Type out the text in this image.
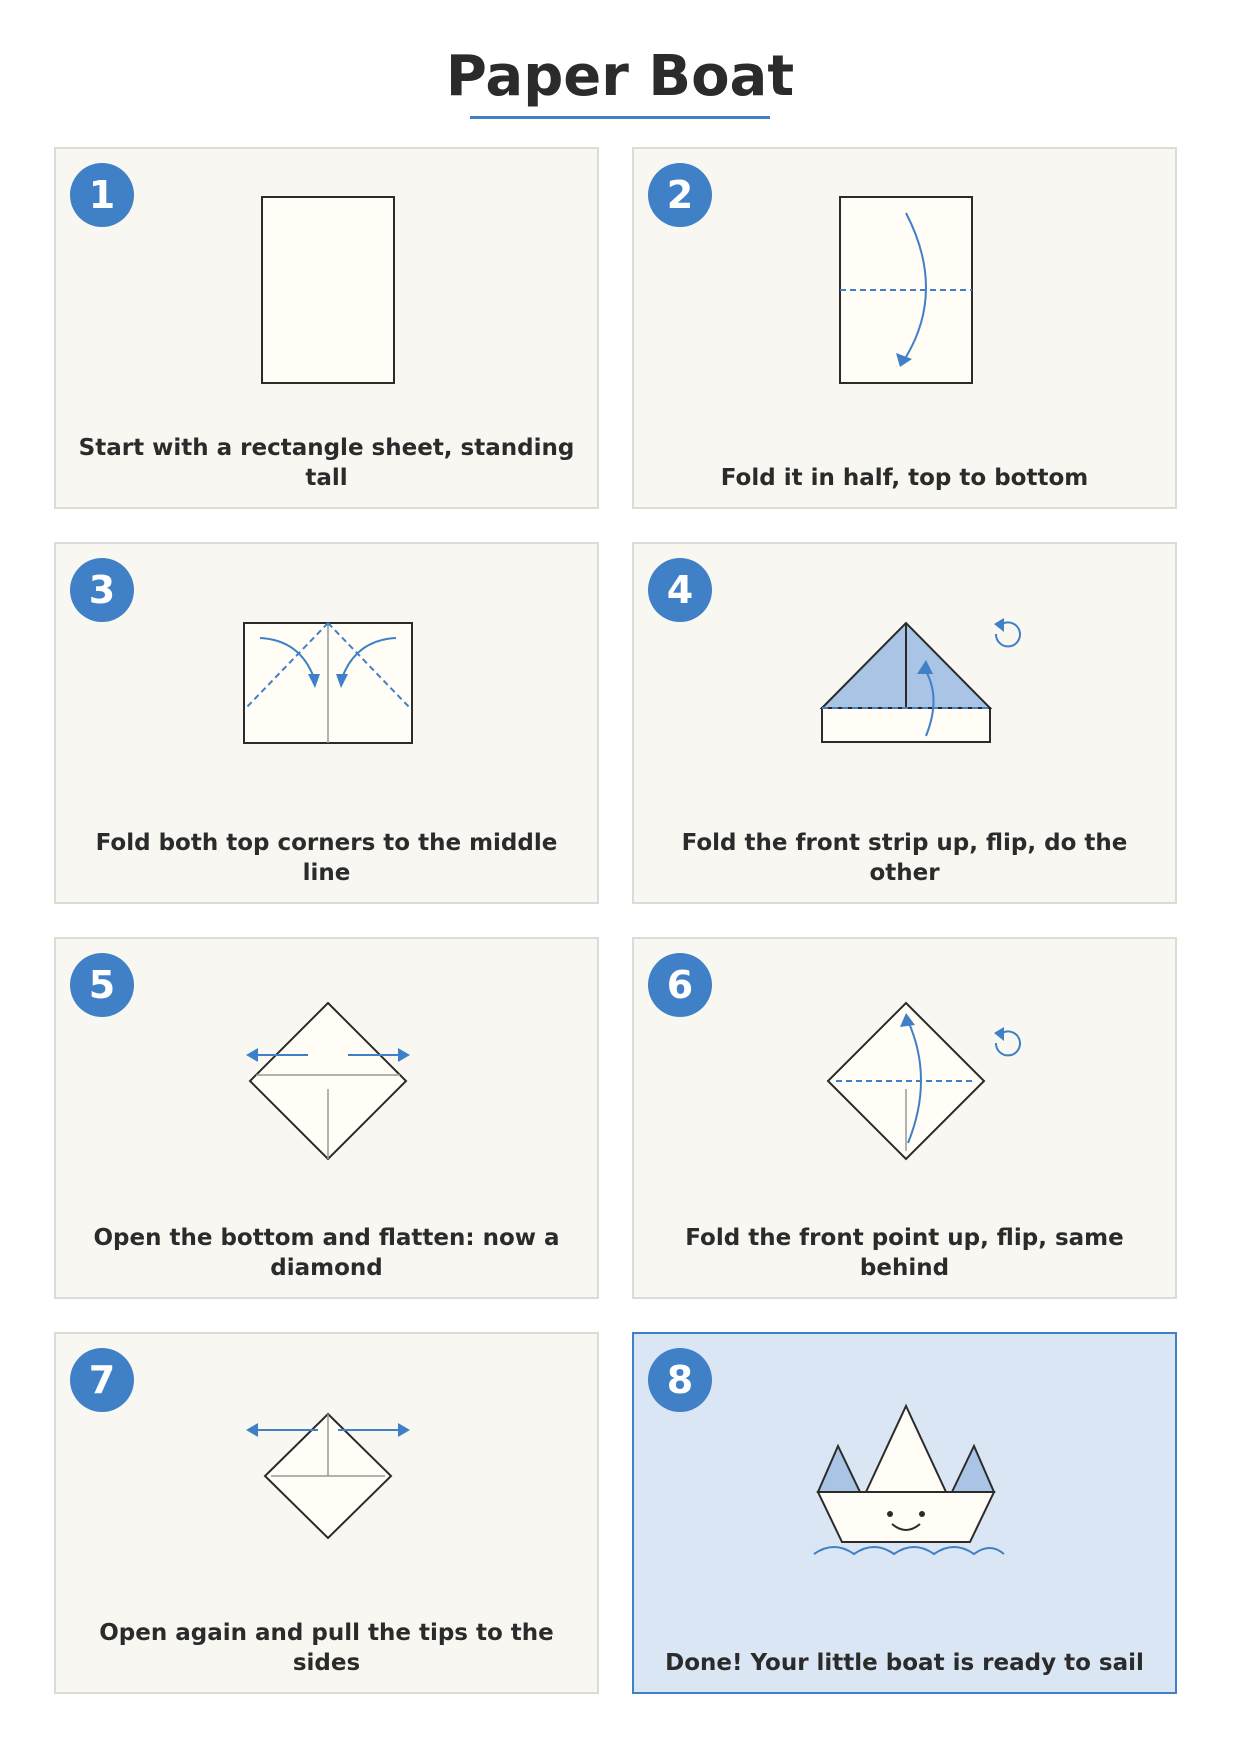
Paper Boat
1
Start with a rectangle sheet, standing tall
2
Fold it in half, top to bottom
3
Fold both top corners to the middle line
4
Fold the front strip up, flip, do the other
5
Open the bottom and flatten: now a diamond
6
Fold the front point up, flip, same behind
7
Open again and pull the tips to the sides
8
Done! Your little boat is ready to sail
